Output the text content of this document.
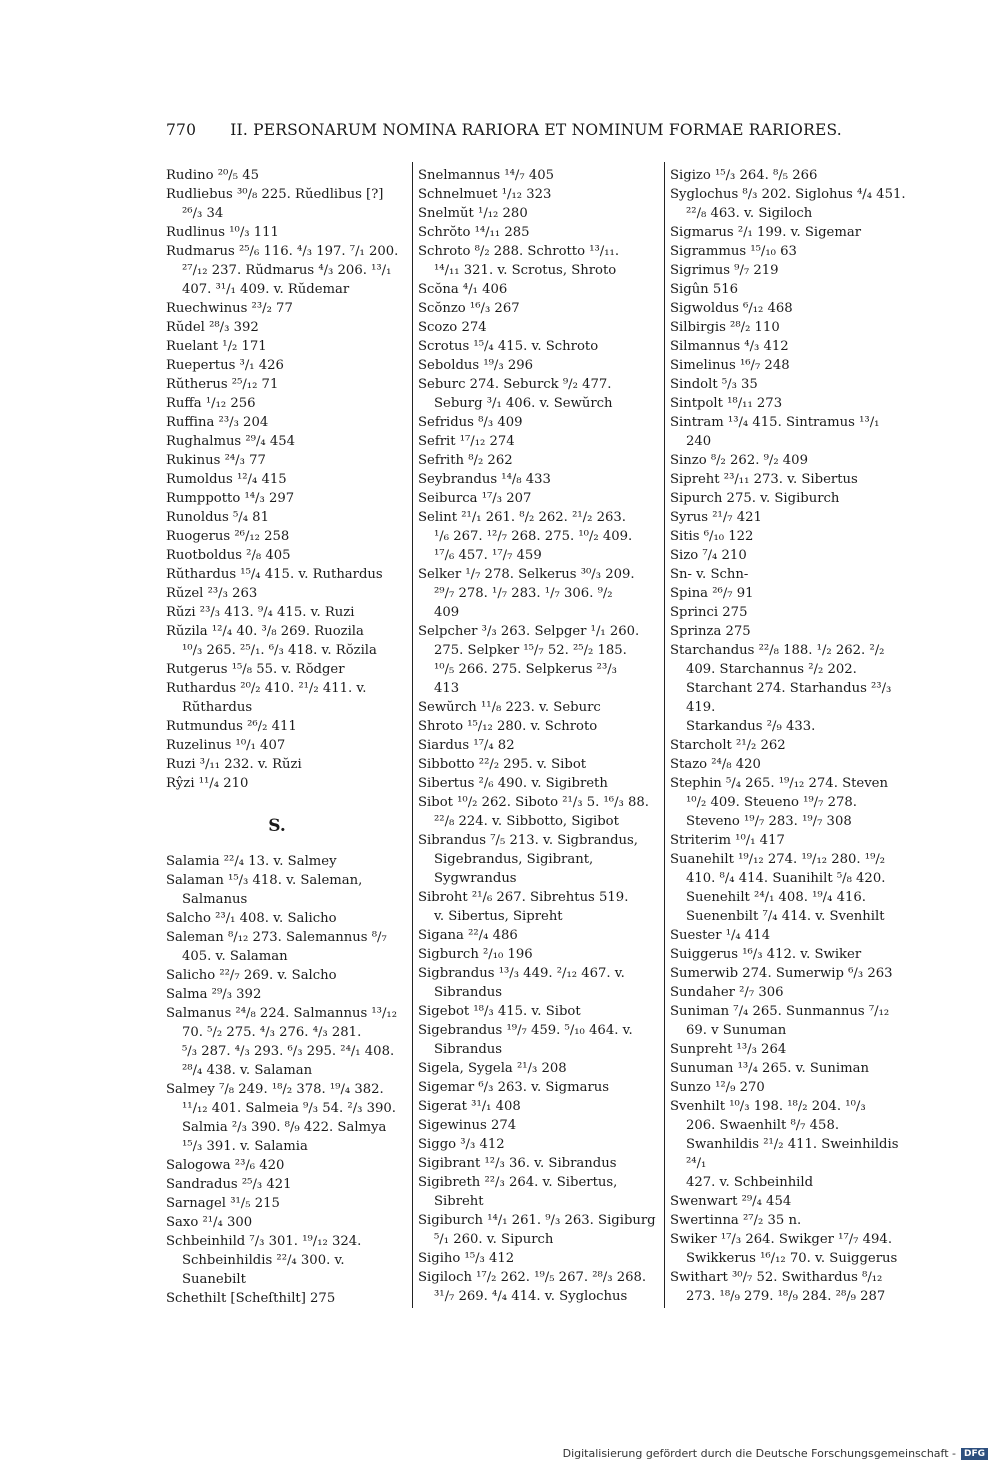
770 II. PERSONARUM NOMINA RARIORA ET NOMINUM FORMAE RARIORES.

Rudino ²⁰/₅ 45

Rudliebus ³⁰/₈ 225. Rŭedlibus [?]
²⁶/₃ 34

Rudlinus ¹⁰/₃ 111

Rudmarus ²⁵/₆ 116. ⁴/₃ 197. ⁷/₁ 200.
²⁷/₁₂ 237. Rŭdmarus ⁴/₃ 206. ¹³/₁
407. ³¹/₁ 409. v. Rŭdemar

Ruechwinus ²³/₂ 77

Rŭdel ²⁸/₃ 392

Ruelant ¹/₂ 171

Ruepertus ³/₁ 426

Rŭtherus ²⁵/₁₂ 71

Ruffa ¹/₁₂ 256

Ruffina ²³/₃ 204

Rughalmus ²⁹/₄ 454

Rukinus ²⁴/₃ 77

Rumoldus ¹²/₄ 415

Rumppotto ¹⁴/₃ 297

Runoldus ⁵/₄ 81

Ruogerus ²⁶/₁₂ 258

Ruotboldus ²/₈ 405

Rŭthardus ¹⁵/₄ 415. v. Ruthardus

Rŭzel ²³/₃ 263

Rŭzi ²³/₃ 413. ⁹/₄ 415. v. Ruzi

Rŭzila ¹²/₄ 40. ³/₈ 269. Ruozila
¹⁰/₃ 265. ²⁵/₁. ⁶/₃ 418. v. Rŏzila

Rutgerus ¹⁵/₈ 55. v. Rŏdger

Ruthardus ²⁰/₂ 410. ²¹/₂ 411. v.
Rŭthardus

Rutmundus ²⁶/₂ 411

Ruzelinus ¹⁰/₁ 407

Ruzi ³/₁₁ 232. v. Rŭzi

Rŷzi ¹¹/₄ 210

S.

Salamia ²²/₄ 13. v. Salmey

Salaman ¹⁵/₃ 418. v. Saleman, Salmanus

Salcho ²³/₁ 408. v. Salicho

Saleman ⁸/₁₂ 273. Salemannus ⁸/₇
405. v. Salaman

Salicho ²²/₇ 269. v. Salcho

Salma ²⁹/₃ 392

Salmanus ²⁴/₈ 224. Salmannus ¹³/₁₂
70. ⁵/₂ 275. ⁴/₃ 276. ⁴/₃ 281.
⁵/₃ 287. ⁴/₃ 293. ⁶/₃ 295. ²⁴/₁ 408.
²⁸/₄ 438. v. Salaman

Salmey ⁷/₈ 249. ¹⁸/₂ 378. ¹⁹/₄ 382.
¹¹/₁₂ 401. Salmeia ⁹/₃ 54. ²/₃ 390.
Salmia ²/₃ 390. ⁸/₉ 422. Salmya
¹⁵/₃ 391. v. Salamia

Salogowa ²³/₆ 420

Sandradus ²⁵/₃ 421

Sarnagel ³¹/₅ 215

Saxo ²¹/₄ 300

Schbeinhild ⁷/₃ 301. ¹⁹/₁₂ 324.
Schbeinhildis ²²/₄ 300. v. Suanebilt

Schethilt [Scheſthilt] 275

Snelmannus ¹⁴/₇ 405

Schnelmuet ¹/₁₂ 323

Snelmŭt ¹/₁₂ 280

Schrŏto ¹⁴/₁₁ 285

Schroto ⁸/₂ 288. Schrotto ¹³/₁₁.
¹⁴/₁₁ 321. v. Scrotus, Shroto

Scŏna ⁴/₁ 406

Scŏnzo ¹⁶/₃ 267

Scozo 274

Scrotus ¹⁵/₄ 415. v. Schroto

Seboldus ¹⁹/₃ 296

Seburc 274. Seburck ⁹/₂ 477. Seburg ³/₁ 406. v. Sewŭrch

Sefridus ⁸/₃ 409

Sefrit ¹⁷/₁₂ 274

Sefrith ⁸/₂ 262

Seybrandus ¹⁴/₈ 433

Seiburca ¹⁷/₃ 207

Selint ²¹/₁ 261. ⁸/₂ 262. ²¹/₂ 263.
¹/₆ 267. ¹²/₇ 268. 275. ¹⁰/₂ 409.
¹⁷/₆ 457. ¹⁷/₇ 459

Selker ¹/₇ 278. Selkerus ³⁰/₃ 209.
²⁹/₇ 278. ¹/₇ 283. ¹/₇ 306. ⁹/₂
409

Selpcher ³/₃ 263. Selpger ¹/₁ 260.
275. Selpker ¹⁵/₇ 52. ²⁵/₂ 185.
¹⁰/₅ 266. 275. Selpkerus ²³/₃
413

Sewŭrch ¹¹/₈ 223. v. Seburc

Shroto ¹⁵/₁₂ 280. v. Schroto

Siardus ¹⁷/₄ 82

Sibbotto ²²/₂ 295. v. Sibot

Sibertus ²/₆ 490. v. Sigibreth

Sibot ¹⁰/₂ 262. Siboto ²¹/₃ 5. ¹⁶/₃ 88.
²²/₈ 224. v. Sibbotto, Sigibot

Sibrandus ⁷/₅ 213. v. Sigbrandus,
Sigebrandus, Sigibrant, Sygwrandus

Sibroht ²¹/₆ 267. Sibrehtus 519.
v. Sibertus, Sipreht

Sigana ²²/₄ 486

Sigburch ²/₁₀ 196

Sigbrandus ¹³/₃ 449. ²/₁₂ 467. v.
Sibrandus

Sigebot ¹⁸/₃ 415. v. Sibot

Sigebrandus ¹⁹/₇ 459. ⁵/₁₀ 464. v.
Sibrandus

Sigela, Sygela ²¹/₃ 208

Sigemar ⁶/₃ 263. v. Sigmarus

Sigerat ³¹/₁ 408

Sigewinus 274

Siggo ³/₃ 412

Sigibrant ¹²/₃ 36. v. Sibrandus

Sigibreth ²²/₃ 264. v. Sibertus,
Sibreht

Sigiburch ¹⁴/₁ 261. ⁹/₃ 263. Sigiburg ⁵/₁ 260. v. Sipurch

Sigiho ¹⁵/₃ 412

Sigiloch ¹⁷/₂ 262. ¹⁹/₅ 267. ²⁸/₃ 268.
³¹/₇ 269. ⁴/₄ 414. v. Syglochus

Sigizo ¹⁵/₃ 264. ⁸/₅ 266

Syglochus ⁸/₃ 202. Siglohus ⁴/₄ 451.
²²/₈ 463. v. Sigiloch

Sigmarus ²/₁ 199. v. Sigemar

Sigrammus ¹⁵/₁₀ 63

Sigrimus ⁹/₇ 219

Sigûn 516

Sigwoldus ⁶/₁₂ 468

Silbirgis ²⁸/₂ 110

Silmannus ⁴/₃ 412

Simelinus ¹⁶/₇ 248

Sindolt ⁵/₃ 35

Sintpolt ¹⁸/₁₁ 273

Sintram ¹³/₄ 415. Sintramus ¹³/₁
240

Sinzo ⁸/₂ 262. ⁹/₂ 409

Sipreht ²³/₁₁ 273. v. Sibertus

Sipurch 275. v. Sigiburch

Syrus ²¹/₇ 421

Sitis ⁶/₁₀ 122

Sizo ⁷/₄ 210

Sn- v. Schn-

Spina ²⁶/₇ 91

Sprinci 275

Sprinza 275

Starchandus ²²/₈ 188. ¹/₂ 262. ²/₂
409. Starchannus ²/₂ 202. Starchant 274. Starhandus ²³/₃ 419.
Starkandus ²/₉ 433.

Starcholt ²¹/₂ 262

Stazo ²⁴/₈ 420

Stephin ⁵/₄ 265. ¹⁹/₁₂ 274. Steven
¹⁰/₂ 409. Steueno ¹⁹/₇ 278. Steveno ¹⁹/₇ 283. ¹⁹/₇ 308

Striterim ¹⁰/₁ 417

Suanehilt ¹⁹/₁₂ 274. ¹⁹/₁₂ 280. ¹⁹/₂
410. ⁸/₄ 414. Suanihilt ⁵/₈ 420.
Suenehilt ²⁴/₁ 408. ¹⁹/₄ 416.
Suenenbilt ⁷/₄ 414. v. Svenhilt

Suester ¹/₄ 414

Suiggerus ¹⁶/₃ 412. v. Swiker

Sumerwib 274. Sumerwip ⁶/₃ 263

Sundaher ²/₇ 306

Suniman ⁷/₄ 265. Sunmannus ⁷/₁₂
69. v Sunuman

Sunpreht ¹³/₃ 264

Sunuman ¹³/₄ 265. v. Suniman

Sunzo ¹²/₉ 270

Svenhilt ¹⁰/₃ 198. ¹⁸/₂ 204. ¹⁰/₃
206. Swaenhilt ⁸/₇ 458. Swanhildis ²¹/₂ 411. Sweinhildis ²⁴/₁
427. v. Schbeinhild

Swenwart ²⁹/₄ 454

Swertinna ²⁷/₂ 35 n.

Swiker ¹⁷/₃ 264. Swikger ¹⁷/₇ 494.
Swikkerus ¹⁶/₁₂ 70. v. Suiggerus

Swithart ³⁰/₇ 52. Swithardus ⁸/₁₂
273. ¹⁸/₉ 279. ¹⁸/₉ 284. ²⁸/₉ 287

Digitalisierung gefördert durch die Deutsche Forschungsgemeinschaft - DFG
